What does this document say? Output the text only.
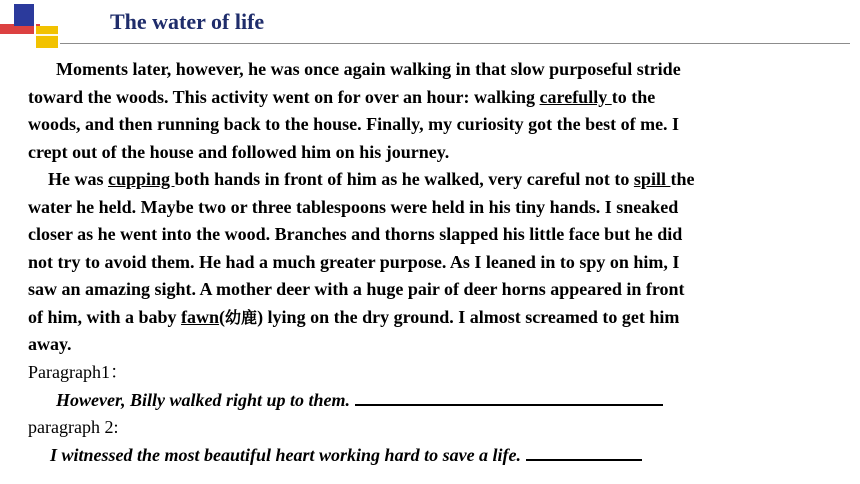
The water of life
Moments later, however, he was once again walking in that slow purposeful stride
toward the woods. This activity went on for over an hour: walking carefully to the
woods, and then running back to the house. Finally, my curiosity got the best of me. I
crept out of the house and followed him on his journey.
He was cupping both hands in front of him as he walked, very careful not to spill the
water he held. Maybe two or three tablespoons were held in his tiny hands. I sneaked
closer as he went into the wood. Branches and thorns slapped his little face but he did
not try to avoid them. He had a much greater purpose. As I leaned in to spy on him, I
saw an amazing sight. A mother deer with a huge pair of deer horns appeared in front
of him, with a baby fawn(幼鹿) lying on the dry ground. I almost screamed to get him
away.
Paragraph1：
However, Billy walked right up to them.
paragraph 2:
I witnessed the most beautiful heart working hard to save a life.
